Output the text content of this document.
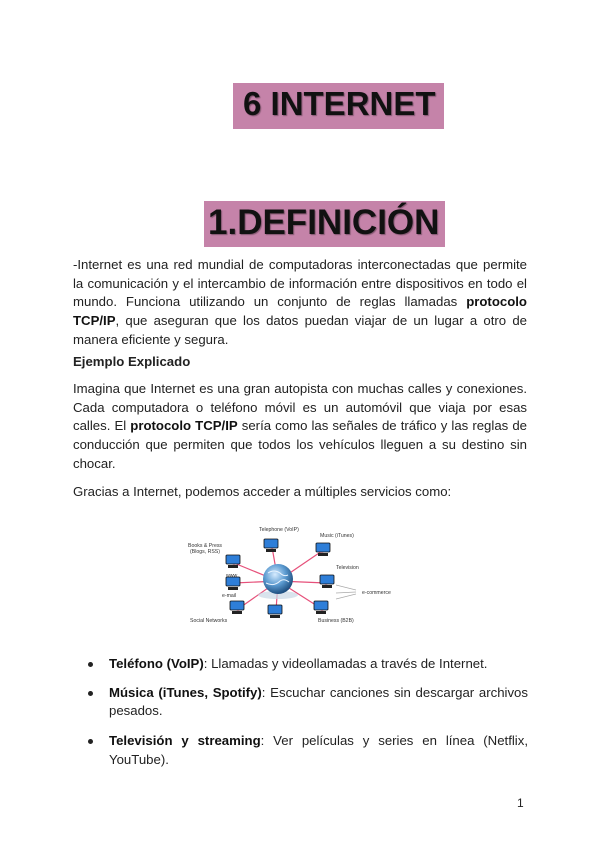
6 INTERNET
1.DEFINICIÓN
-Internet es una red mundial de computadoras interconectadas que permite la comunicación y el intercambio de información entre dispositivos en todo el mundo. Funciona utilizando un conjunto de reglas llamadas protocolo TCP/IP, que aseguran que los datos puedan viajar de un lugar a otro de manera eficiente y segura.
Ejemplo Explicado
Imagina que Internet es una gran autopista con muchas calles y conexiones. Cada computadora o teléfono móvil es un automóvil que viaja por esas calles. El protocolo TCP/IP sería como las señales de tráfico y las reglas de conducción que permiten que todos los vehículos lleguen a su destino sin chocar.
Gracias a Internet, podemos acceder a múltiples servicios como:
Books & Press
(Blogs, RSS)
Telephone (VoIP)
Music (iTunes)
www
Television
e-mail	e-commerce
Social Networks	Business (B2B)
Teléfono (VoIP): Llamadas y videollamadas a través de Internet.
Música (iTunes, Spotify): Escuchar canciones sin descargar archivos pesados.
Televisión y streaming: Ver películas y series en línea (Netflix, YouTube).
1
